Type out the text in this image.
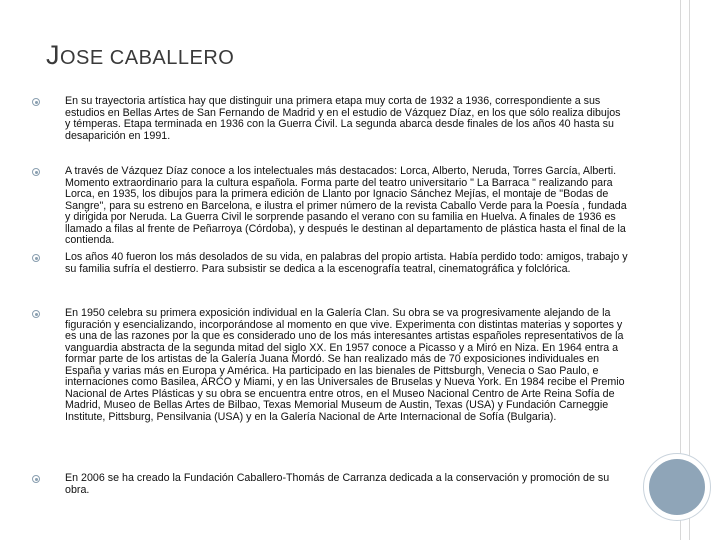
JOSE CABALLERO
En su trayectoria artística hay que distinguir una primera etapa muy corta de 1932 a 1936, correspondiente a sus estudios en Bellas Artes de San Fernando de Madrid y en el estudio de Vázquez Díaz, en los que sólo realiza dibujos y témperas. Etapa terminada en 1936 con la Guerra Civil. La segunda abarca desde finales de los años 40 hasta su desaparición en 1991.
A través de Vázquez Díaz conoce a los intelectuales más destacados: Lorca, Alberto, Neruda, Torres García, Alberti. Momento extraordinario para la cultura española. Forma parte del teatro universitario " La Barraca " realizando para Lorca, en 1935, los dibujos para la primera edición de Llanto por Ignacio Sánchez Mejías, el montaje de "Bodas de Sangre", para su estreno en Barcelona, e ilustra el primer número de la revista Caballo Verde para la Poesía , fundada y dirigida por Neruda. La Guerra Civil le sorprende pasando el verano con su familia en Huelva. A finales de 1936 es llamado a filas al frente de Peñarroya (Córdoba), y después le destinan al departamento de plástica hasta el final de la contienda.
Los años 40 fueron los más desolados de su vida, en palabras del propio artista. Había perdido todo: amigos, trabajo y su familia sufría el destierro. Para subsistir se dedica a la escenografía teatral, cinematográfica y folclórica.
En 1950 celebra su primera exposición individual en la Galería Clan. Su obra se va progresivamente alejando de la figuración y esencializando, incorporándose al momento en que vive. Experimenta con distintas materias y soportes y es una de las razones por la que es considerado uno de los más interesantes artistas españoles representativos de la vanguardia abstracta de la segunda mitad del siglo XX. En 1957 conoce a Picasso y a Miró en Niza. En 1964 entra a formar parte de los artistas de la Galería Juana Mordó. Se han realizado más de 70 exposiciones individuales en España y varias más en Europa y América. Ha participado en las bienales de Pittsburgh, Venecia o Sao Paulo, e internaciones como Basilea, ARCO y Miami, y en las Universales de Bruselas y Nueva York. En 1984 recibe el Premio Nacional de Artes Plásticas y su obra se encuentra entre otros, en el Museo Nacional Centro de Arte Reina Sofía de Madrid, Museo de Bellas Artes de Bilbao, Texas Memorial Museum de Austin, Texas (USA) y Fundación Carneggie Institute, Pittsburg, Pensilvania (USA) y en la Galería Nacional de Arte Internacional de Sofía (Bulgaria).
En 2006 se ha creado la Fundación Caballero-Thomás de Carranza dedicada a la conservación y promoción de su obra.
